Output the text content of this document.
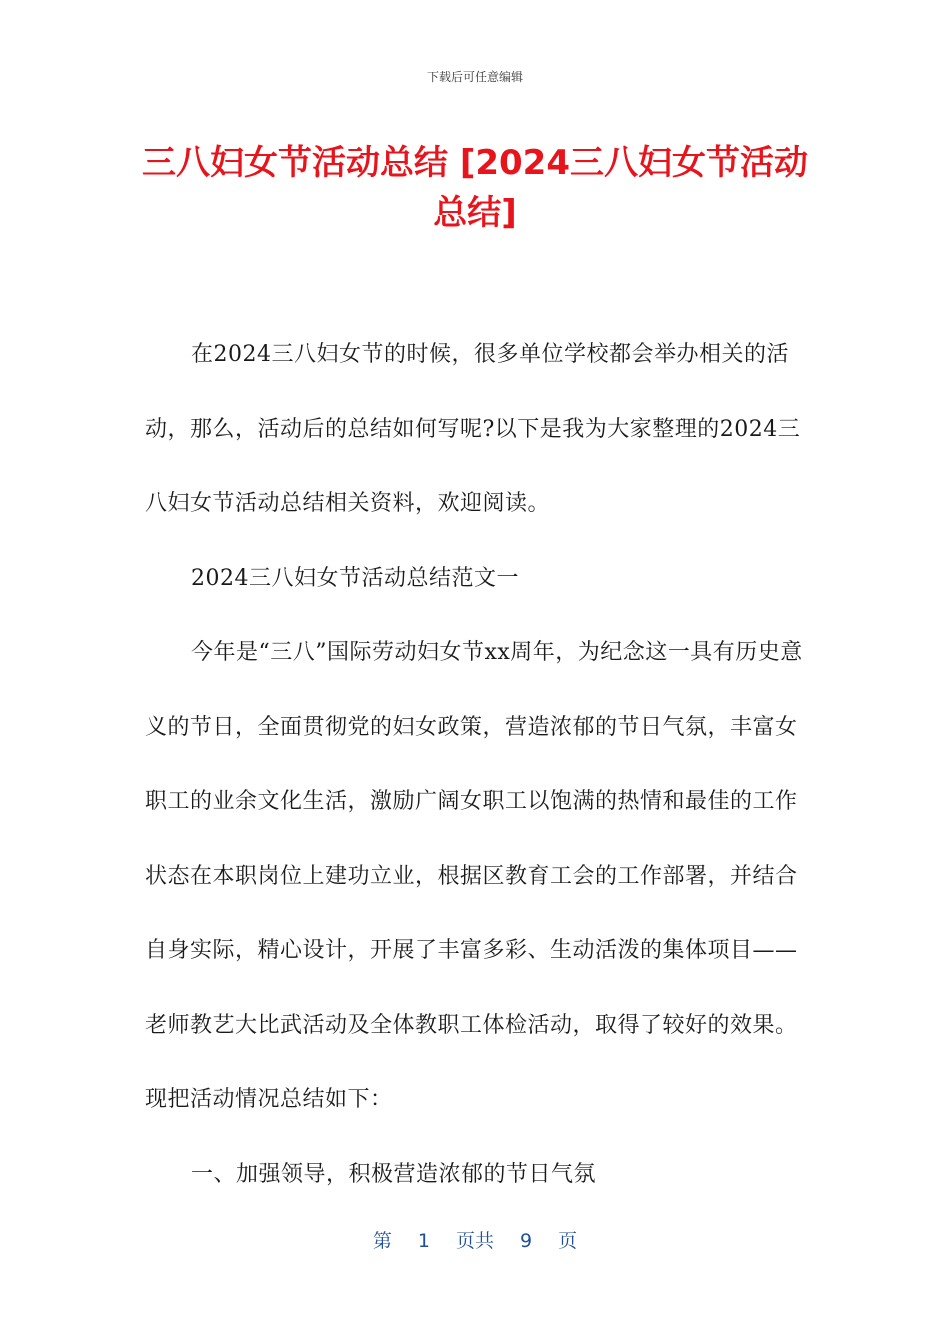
下载后可任意编辑
三八妇女节活动总结 [2024三八妇女节活动总结]

在2024三八妇女节的时候，很多单位学校都会举办相关的活动，那么，活动后的总结如何写呢?以下是我为大家整理的2024三八妇女节活动总结相关资料，欢迎阅读。

2024三八妇女节活动总结范文一

今年是“三八”国际劳动妇女节xx周年，为纪念这一具有历史意义的节日，全面贯彻党的妇女政策，营造浓郁的节日气氛，丰富女职工的业余文化生活，激励广阔女职工以饱满的热情和最佳的工作状态在本职岗位上建功立业，根据区教育工会的工作部署，并结合自身实际，精心设计，开展了丰富多彩、生动活泼的集体项目——老师教艺大比武活动及全体教职工体检活动，取得了较好的效果。现把活动情况总结如下：

一、加强领导，积极营造浓郁的节日气氛

第 1 页共 9 页
